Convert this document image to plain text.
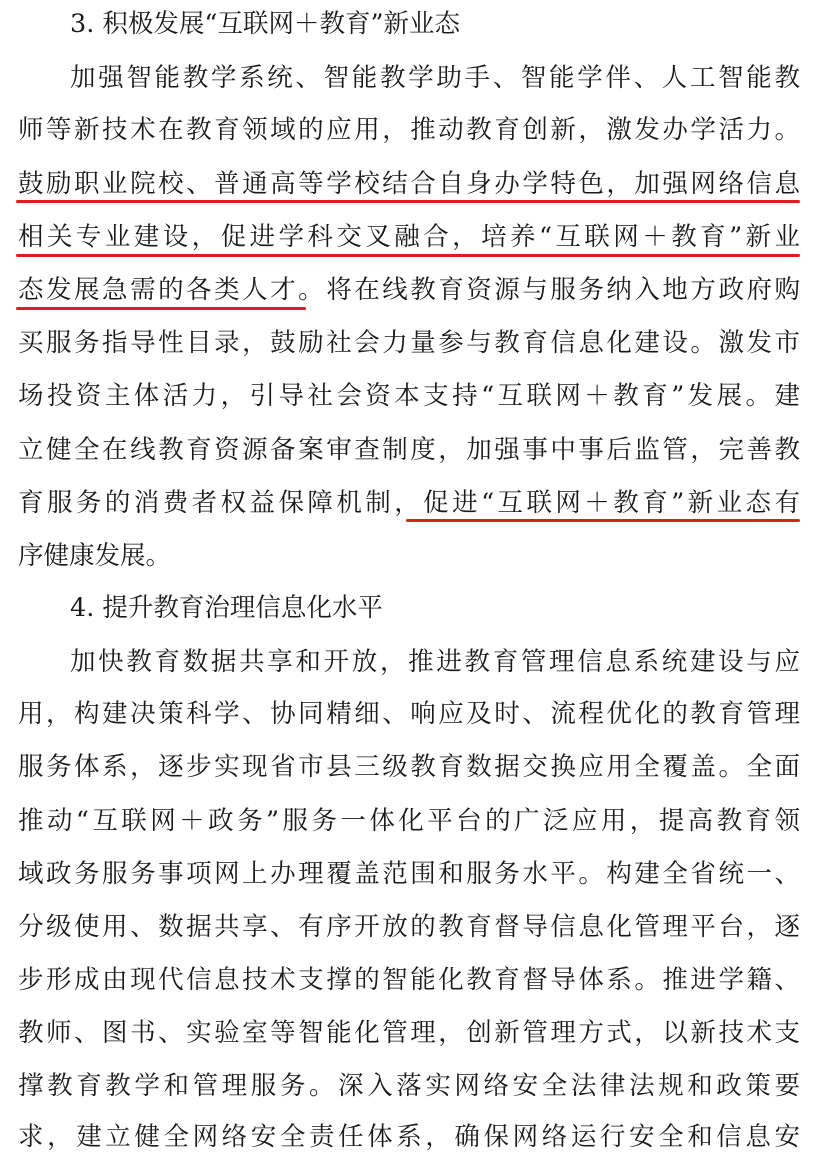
3. 积极发展“互联网＋教育”新业态
加强智能教学系统、智能教学助手、智能学伴、人工智能教
师等新技术在教育领域的应用，推动教育创新，激发办学活力。
鼓励职业院校、普通高等学校结合自身办学特色，加强网络信息
相关专业建设，促进学科交叉融合，培养“互联网＋教育”新业
态发展急需的各类人才。将在线教育资源与服务纳入地方政府购
买服务指导性目录，鼓励社会力量参与教育信息化建设。激发市
场投资主体活力，引导社会资本支持“互联网＋教育”发展。建
立健全在线教育资源备案审查制度，加强事中事后监管，完善教
育服务的消费者权益保障机制，促进“互联网＋教育”新业态有
序健康发展。
4. 提升教育治理信息化水平
加快教育数据共享和开放，推进教育管理信息系统建设与应
用，构建决策科学、协同精细、响应及时、流程优化的教育管理
服务体系，逐步实现省市县三级教育数据交换应用全覆盖。全面
推动“互联网＋政务”服务一体化平台的广泛应用，提高教育领
域政务服务事项网上办理覆盖范围和服务水平。构建全省统一、
分级使用、数据共享、有序开放的教育督导信息化管理平台，逐
步形成由现代信息技术支撑的智能化教育督导体系。推进学籍、
教师、图书、实验室等智能化管理，创新管理方式，以新技术支
撑教育教学和管理服务。深入落实网络安全法律法规和政策要
求，建立健全网络安全责任体系，确保网络运行安全和信息安
